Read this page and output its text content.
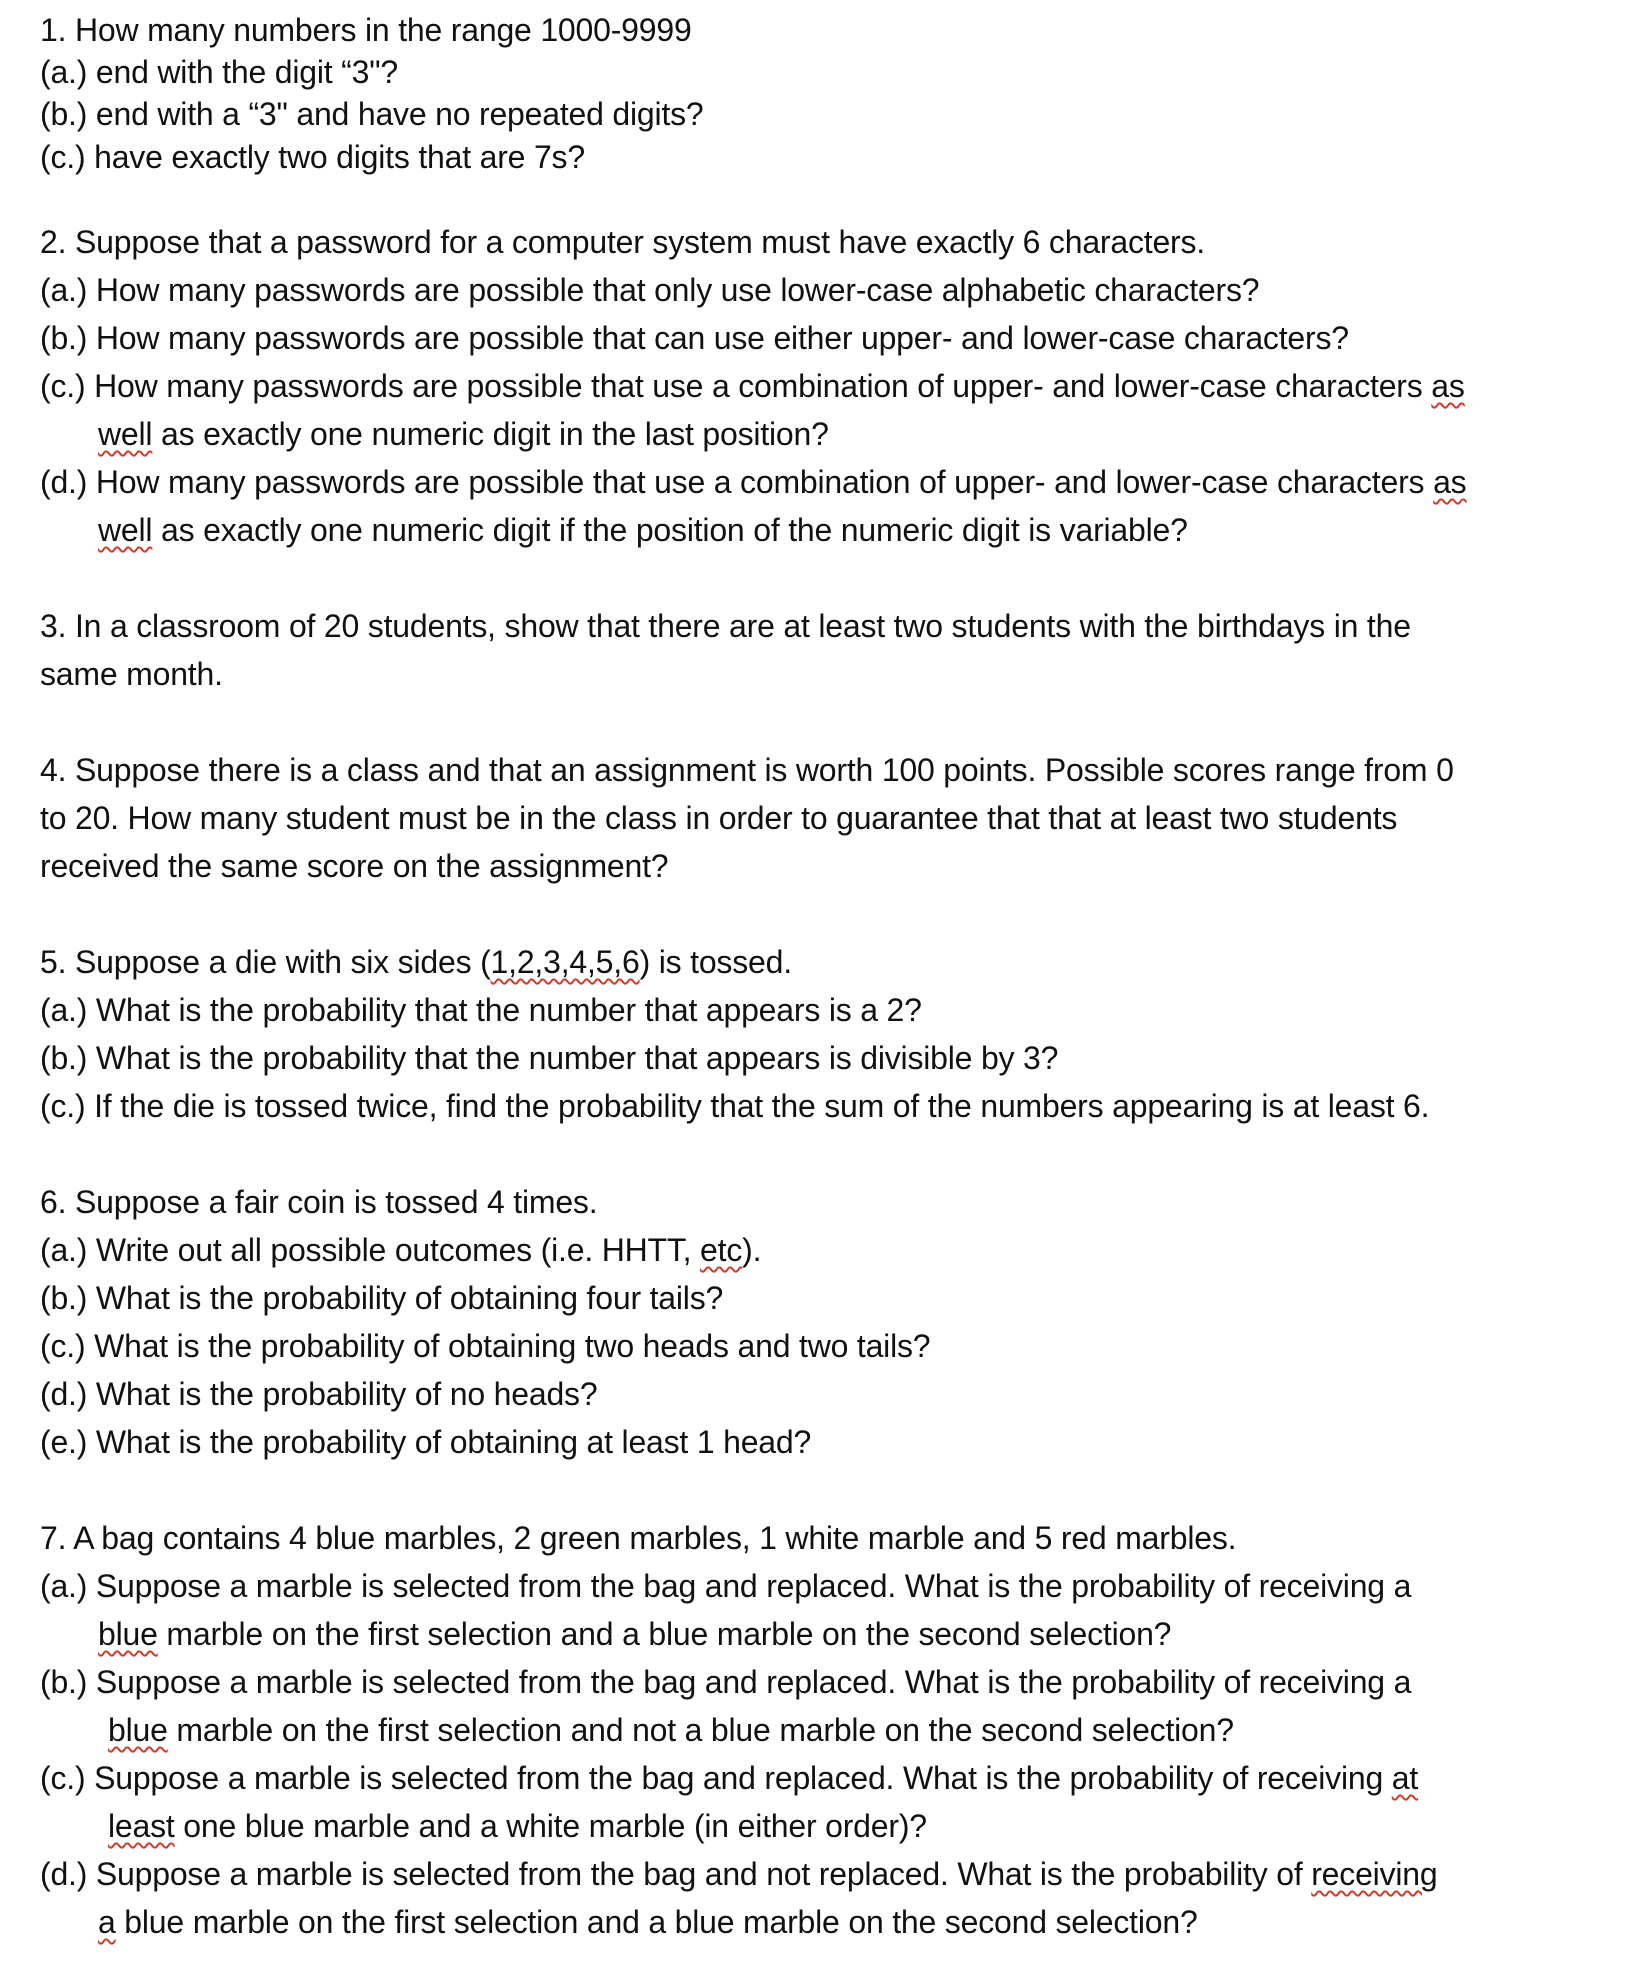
1. How many numbers in the range 1000-9999

(a.) end with the digit “3"?

(b.) end with a “3" and have no repeated digits?

(c.) have exactly two digits that are 7s?

2. Suppose that a password for a computer system must have exactly 6 characters.

(a.) How many passwords are possible that only use lower-case alphabetic characters?

(b.) How many passwords are possible that can use either upper- and lower-case characters?

(c.) How many passwords are possible that use a combination of upper- and lower-case characters as

well as exactly one numeric digit in the last position?

(d.) How many passwords are possible that use a combination of upper- and lower-case characters as

well as exactly one numeric digit if the position of the numeric digit is variable?

3. In a classroom of 20 students, show that there are at least two students with the birthdays in the

same month.

4. Suppose there is a class and that an assignment is worth 100 points. Possible scores range from 0

to 20. How many student must be in the class in order to guarantee that that at least two students

received the same score on the assignment?

5. Suppose a die with six sides (1,2,3,4,5,6) is tossed.

(a.) What is the probability that the number that appears is a 2?

(b.) What is the probability that the number that appears is divisible by 3?

(c.) If the die is tossed twice, find the probability that the sum of the numbers appearing is at least 6.

6. Suppose a fair coin is tossed 4 times.

(a.) Write out all possible outcomes (i.e. HHTT, etc).

(b.) What is the probability of obtaining four tails?

(c.) What is the probability of obtaining two heads and two tails?

(d.) What is the probability of no heads?

(e.) What is the probability of obtaining at least 1 head?

7. A bag contains 4 blue marbles, 2 green marbles, 1 white marble and 5 red marbles.

(a.) Suppose a marble is selected from the bag and replaced. What is the probability of receiving a

blue marble on the first selection and a blue marble on the second selection?

(b.) Suppose a marble is selected from the bag and replaced. What is the probability of receiving a

blue marble on the first selection and not a blue marble on the second selection?

(c.) Suppose a marble is selected from the bag and replaced. What is the probability of receiving at

least one blue marble and a white marble (in either order)?

(d.) Suppose a marble is selected from the bag and not replaced. What is the probability of receiving

a blue marble on the first selection and a blue marble on the second selection?
